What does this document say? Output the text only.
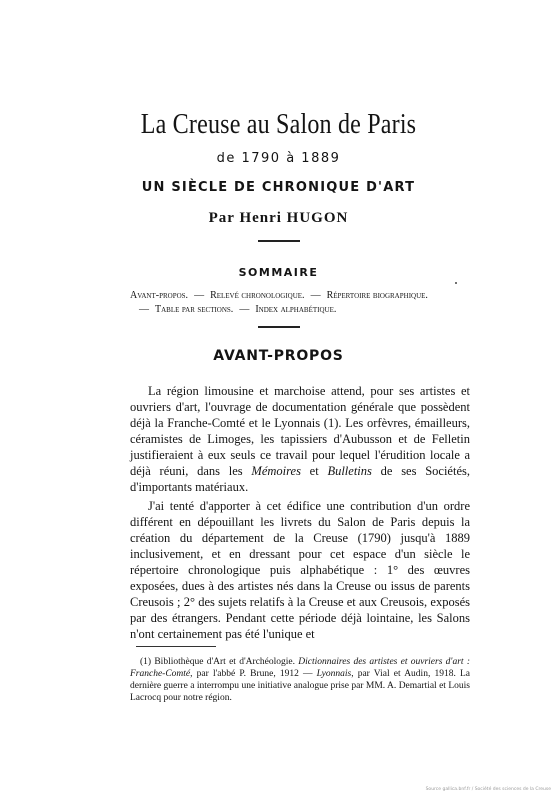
La Creuse au Salon de Paris
de 1790 à 1889
UN SIÈCLE DE CHRONIQUE D'ART
Par Henri HUGON
SOMMAIRE
Avant-propos. — Relevé chronologique. — Répertoire biographique.
— Table par sections. — Index alphabétique.
AVANT-PROPOS

La région limousine et marchoise attend, pour ses artistes et ouvriers d'art, l'ouvrage de documentation générale que possèdent déjà la Franche-Comté et le Lyonnais (1). Les orfèvres, émailleurs, céramistes de Limoges, les tapissiers d'Aubusson et de Felletin justifieraient à eux seuls ce travail pour lequel l'érudition locale a déjà réuni, dans les Mémoires et Bulletins de ses Sociétés, d'importants matériaux.

J'ai tenté d'apporter à cet édifice une contribution d'un ordre différent en dépouillant les livrets du Salon de Paris depuis la création du département de la Creuse (1790) jusqu'à 1889 inclusivement, et en dressant pour cet espace d'un siècle le répertoire chronologique puis alphabétique : 1° des œuvres exposées, dues à des artistes nés dans la Creuse ou issus de parents Creusois ; 2° des sujets relatifs à la Creuse et aux Creusois, exposés par des étrangers. Pendant cette période déjà lointaine, les Salons n'ont certainement pas été l'unique et

(1) Bibliothèque d'Art et d'Archéologie. Dictionnaires des artistes et ouvriers d'art : Franche-Comté, par l'abbé P. Brune, 1912 — Lyonnais, par Vial et Audin, 1918. La dernière guerre a interrompu une initiative analogue prise par MM. A. Demartial et Louis Lacrocq pour notre région.

Source gallica.bnf.fr / Société des sciences de la Creuse
